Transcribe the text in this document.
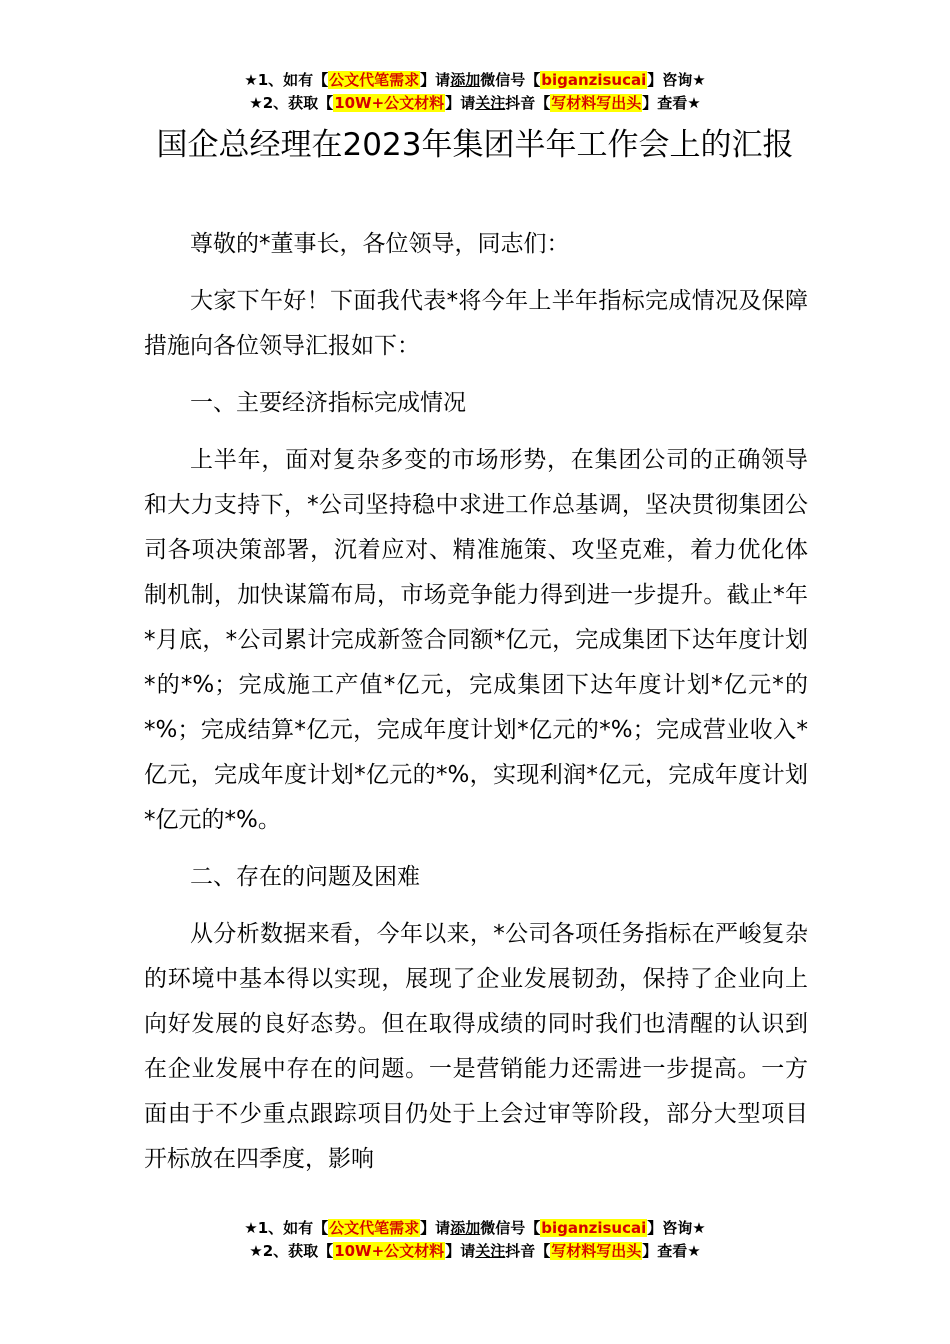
★1、如有【公文代笔需求】请添加微信号【biganzisucai】咨询★
★2、获取【10W+公文材料】请关注抖音【写材料写出头】查看★
国企总经理在2023年集团半年工作会上的汇报

尊敬的*董事长，各位领导，同志们：

大家下午好！下面我代表*将今年上半年指标完成情况及保障措施向各位领导汇报如下：

一、主要经济指标完成情况

上半年，面对复杂多变的市场形势，在集团公司的正确领导和大力支持下，*公司坚持稳中求进工作总基调，坚决贯彻集团公司各项决策部署，沉着应对、精准施策、攻坚克难，着力优化体制机制，加快谋篇布局，市场竞争能力得到进一步提升。截止*年*月底，*公司累计完成新签合同额*亿元，完成集团下达年度计划*的*%；完成施工产值*亿元，完成集团下达年度计划*亿元*的*%；完成结算*亿元，完成年度计划*亿元的*%；完成营业收入*亿元，完成年度计划*亿元的*%，实现利润*亿元，完成年度计划*亿元的*%。

二、存在的问题及困难

从分析数据来看，今年以来，*公司各项任务指标在严峻复杂的环境中基本得以实现，展现了企业发展韧劲，保持了企业向上向好发展的良好态势。但在取得成绩的同时我们也清醒的认识到在企业发展中存在的问题。一是营销能力还需进一步提高。一方面由于不少重点跟踪项目仍处于上会过审等阶段，部分大型项目开标放在四季度，影响

★1、如有【公文代笔需求】请添加微信号【biganzisucai】咨询★
★2、获取【10W+公文材料】请关注抖音【写材料写出头】查看★
